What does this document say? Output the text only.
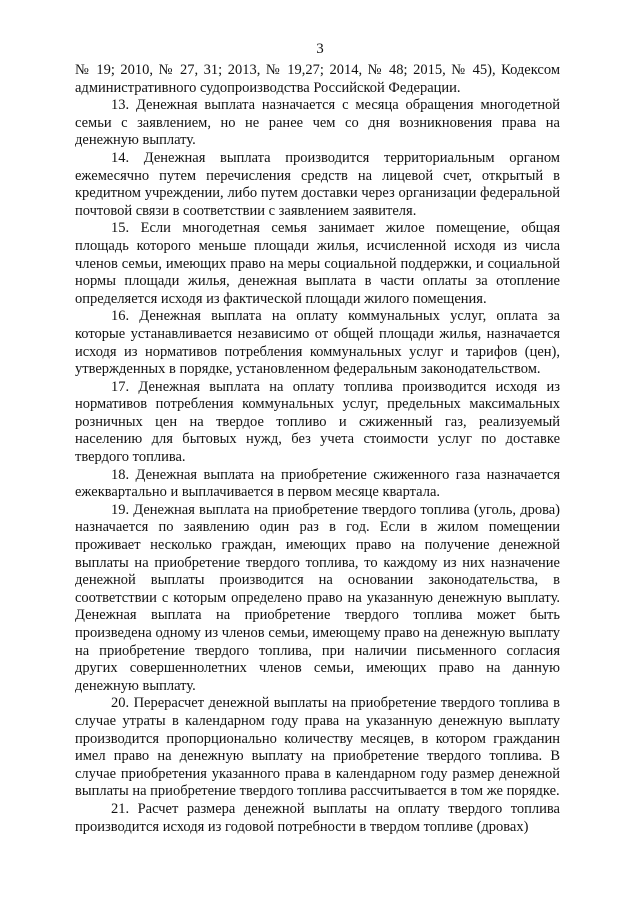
3

№ 19; 2010, № 27, 31; 2013, № 19,27; 2014, № 48; 2015, № 45), Кодексом административного судопроизводства Российской Федерации.

13. Денежная выплата назначается с месяца обращения многодетной семьи с заявлением, но не ранее чем со дня возникновения права на денежную выплату.

14. Денежная выплата производится территориальным органом ежемесячно путем перечисления средств на лицевой счет, открытый в кредитном учреждении, либо путем доставки через организации федеральной почтовой связи в соответствии с заявлением заявителя.

15. Если многодетная семья занимает жилое помещение, общая площадь которого меньше площади жилья, исчисленной исходя из числа членов семьи, имеющих право на меры социальной поддержки, и социальной нормы площади жилья, денежная выплата в части оплаты за отопление определяется исходя из фактической площади жилого помещения.

16. Денежная выплата на оплату коммунальных услуг, оплата за которые устанавливается независимо от общей площади жилья, назначается исходя из нормативов потребления коммунальных услуг и тарифов (цен), утвержденных в порядке, установленном федеральным законодательством.

17. Денежная выплата на оплату топлива производится исходя из нормативов потребления коммунальных услуг, предельных максимальных розничных цен на твердое топливо и сжиженный газ, реализуемый населению для бытовых нужд, без учета стоимости услуг по доставке твердого топлива.

18. Денежная выплата на приобретение сжиженного газа назначается ежеквартально и выплачивается в первом месяце квартала.

19. Денежная выплата на приобретение твердого топлива (уголь, дрова) назначается по заявлению один раз в год. Если в жилом помещении проживает несколько граждан, имеющих право на получение денежной выплаты на приобретение твердого топлива, то каждому из них назначение денежной выплаты производится на основании законодательства, в соответствии с которым определено право на указанную денежную выплату. Денежная выплата на приобретение твердого топлива может быть произведена одному из членов семьи, имеющему право на денежную выплату на приобретение твердого топлива, при наличии письменного согласия других совершеннолетних членов семьи, имеющих право на данную денежную выплату.

20. Перерасчет денежной выплаты на приобретение твердого топлива в случае утраты в календарном году права на указанную денежную выплату производится пропорционально количеству месяцев, в котором гражданин имел право на денежную выплату на приобретение твердого топлива. В случае приобретения указанного права в календарном году размер денежной выплаты на приобретение твердого топлива рассчитывается в том же порядке.

21. Расчет размера денежной выплаты на оплату твердого топлива производится исходя из годовой потребности в твердом топливе (дровах)
